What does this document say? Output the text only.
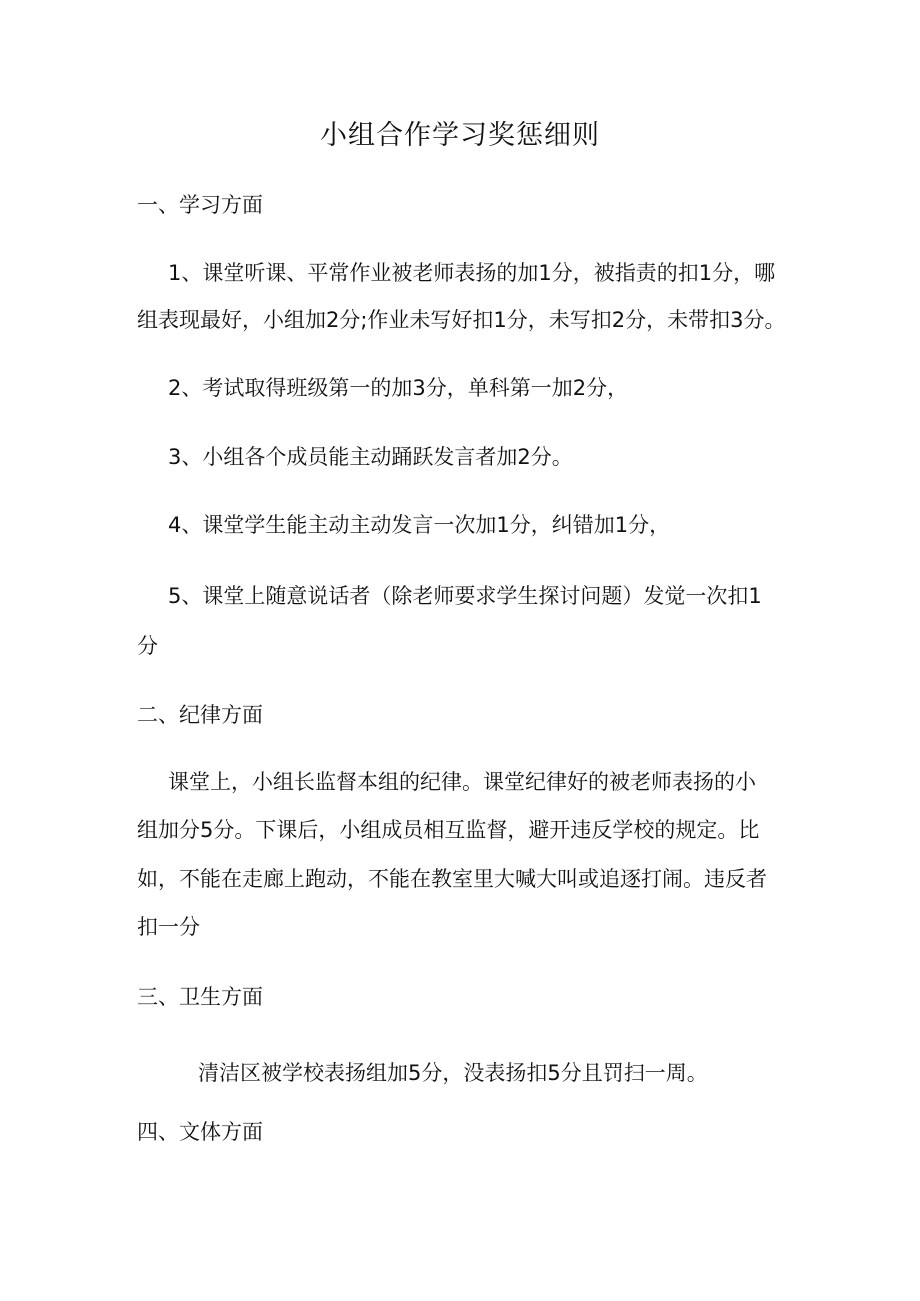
小组合作学习奖惩细则
一、学习方面
1、课堂听课、平常作业被老师表扬的加1分，被指责的扣1分，哪
组表现最好，小组加2分;作业未写好扣1分，未写扣2分，未带扣3分。
2、考试取得班级第一的加3分，单科第一加2分，
3、小组各个成员能主动踊跃发言者加2分。
4、课堂学生能主动主动发言一次加1分，纠错加1分，
5、课堂上随意说话者（除老师要求学生探讨问题）发觉一次扣1
分
二、纪律方面
课堂上，小组长监督本组的纪律。课堂纪律好的被老师表扬的小
组加分5分。下课后，小组成员相互监督，避开违反学校的规定。比
如，不能在走廊上跑动，不能在教室里大喊大叫或追逐打闹。违反者
扣一分
三、卫生方面
清洁区被学校表扬组加5分，没表扬扣5分且罚扫一周。
四、文体方面
